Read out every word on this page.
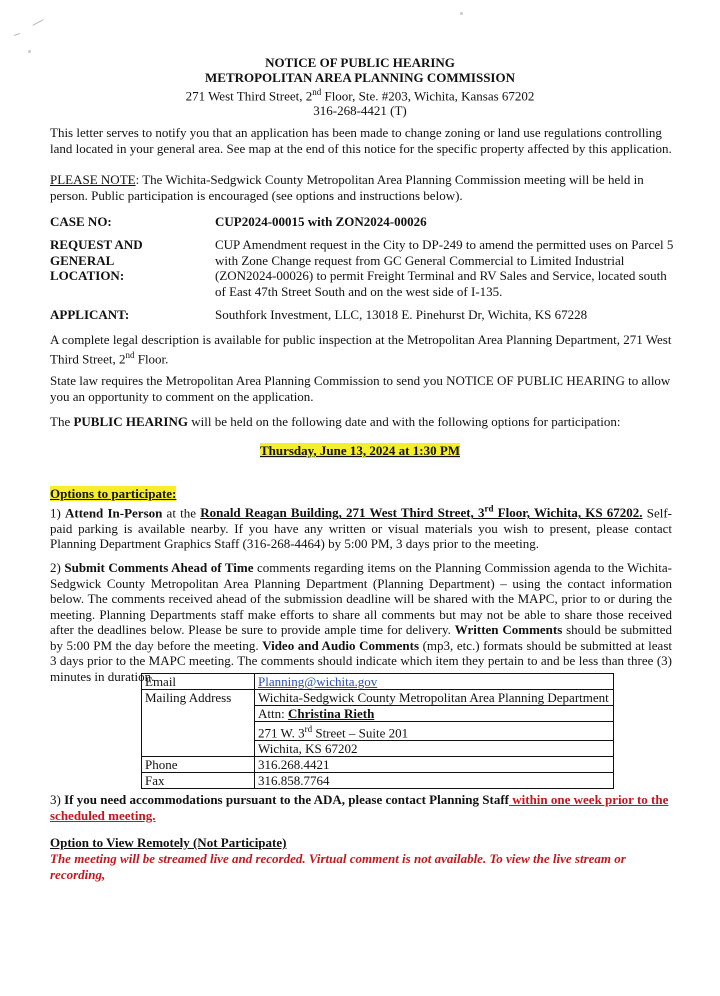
NOTICE OF PUBLIC HEARING
METROPOLITAN AREA PLANNING COMMISSION
271 West Third Street, 2nd Floor, Ste. #203, Wichita, Kansas 67202
316-268-4421 (T)

This letter serves to notify you that an application has been made to change zoning or land use regulations controlling land located in your general area. See map at the end of this notice for the specific property affected by this application.

PLEASE NOTE: The Wichita-Sedgwick County Metropolitan Area Planning Commission meeting will be held in person. Public participation is encouraged (see options and instructions below).

CASE NO:	CUP2024-00015 with ZON2024-00026
REQUEST AND GENERAL LOCATION:
CUP Amendment request in the City to DP-249 to amend the permitted uses on Parcel 5 with Zone Change request from GC General Commercial to Limited Industrial (ZON2024-00026) to permit Freight Terminal and RV Sales and Service, located south of East 47th Street South and on the west side of I-135.
APPLICANT:	Southfork Investment, LLC, 13018 E. Pinehurst Dr, Wichita, KS 67228

A complete legal description is available for public inspection at the Metropolitan Area Planning Department, 271 West Third Street, 2nd Floor.

State law requires the Metropolitan Area Planning Commission to send you NOTICE OF PUBLIC HEARING to allow you an opportunity to comment on the application.

The PUBLIC HEARING will be held on the following date and with the following options for participation:

Thursday, June 13, 2024 at 1:30 PM

Options to participate:

1) Attend In-Person at the Ronald Reagan Building, 271 West Third Street, 3rd Floor, Wichita, KS 67202. Self-paid parking is available nearby. If you have any written or visual materials you wish to present, please contact Planning Department Graphics Staff (316-268-4464) by 5:00 PM, 3 days prior to the meeting.

2) Submit Comments Ahead of Time comments regarding items on the Planning Commission agenda to the Wichita-Sedgwick County Metropolitan Area Planning Department (Planning Department) – using the contact information below. The comments received ahead of the submission deadline will be shared with the MAPC, prior to or during the meeting. Planning Departments staff make efforts to share all comments but may not be able to share those received after the deadlines below. Please be sure to provide ample time for delivery. Written Comments should be submitted by 5:00 PM the day before the meeting. Video and Audio Comments (mp3, etc.) formats should be submitted at least 3 days prior to the MAPC meeting. The comments should indicate which item they pertain to and be less than three (3) minutes in duration.

Email	Planning@wichita.gov
Mailing Address	Wichita-Sedgwick County Metropolitan Area Planning Department
Attn: Christina Rieth
271 W. 3rd Street – Suite 201
Wichita, KS 67202

Phone	316.268.4421
Fax	316.858.7764

3) If you need accommodations pursuant to the ADA, please contact Planning Staff within one week prior to the scheduled meeting.

Option to View Remotely (Not Participate)

The meeting will be streamed live and recorded. Virtual comment is not available. To view the live stream or recording,
